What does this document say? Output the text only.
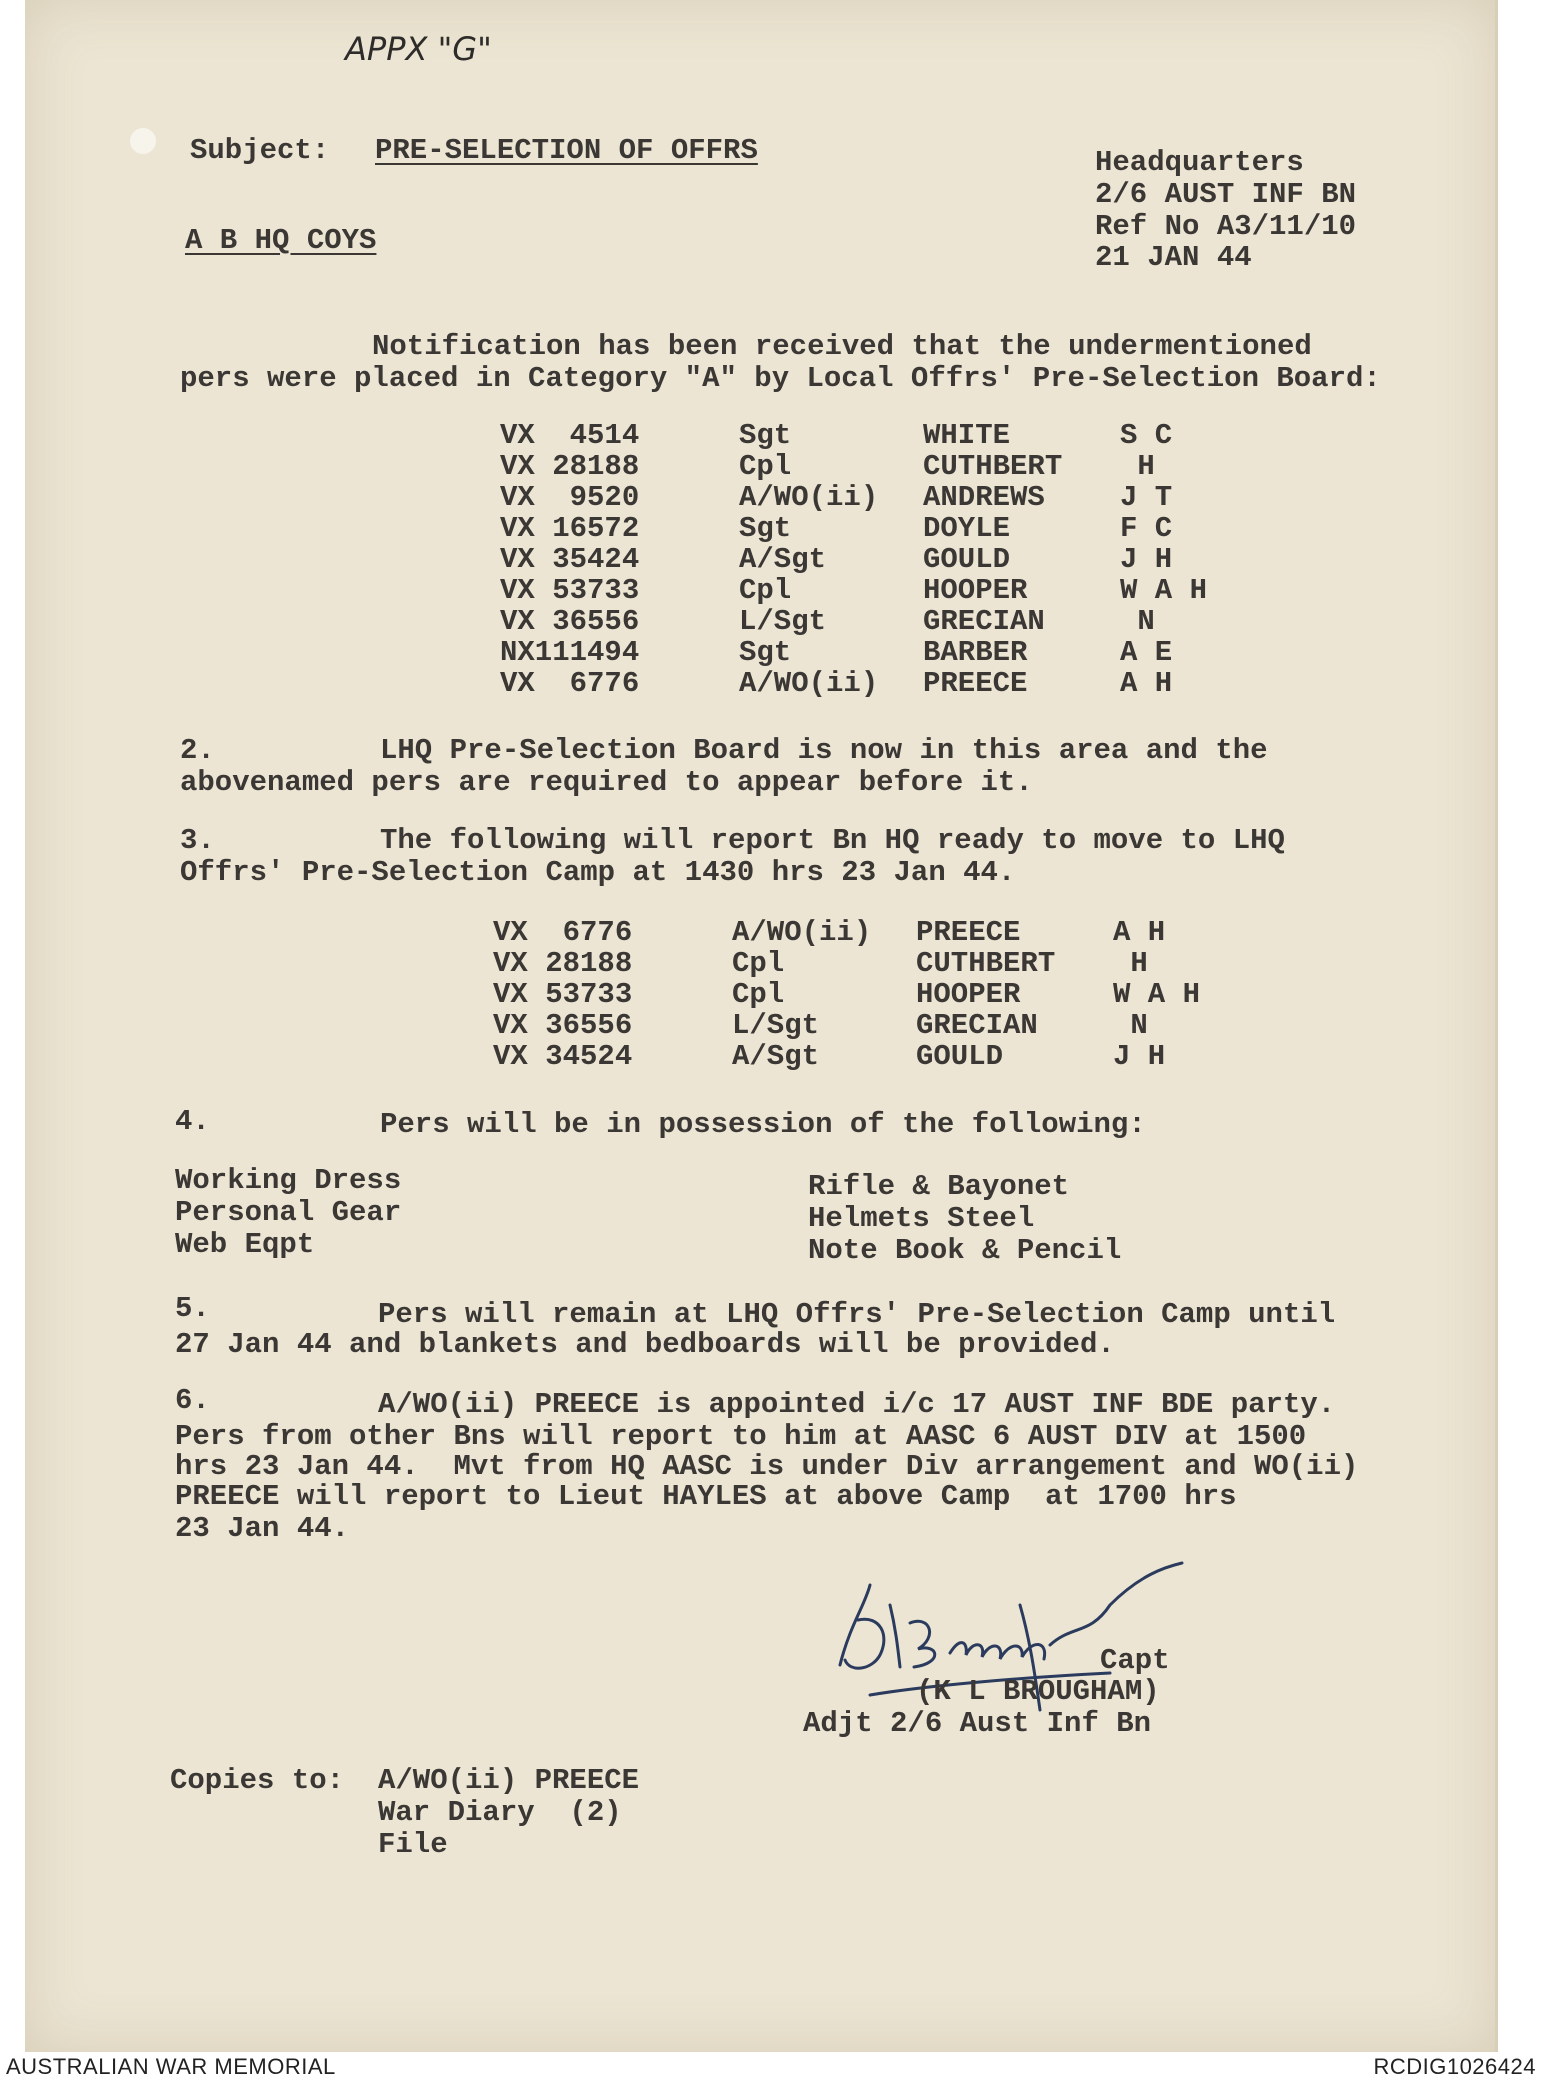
APPX "G"
Subject: PRE-SELECTION OF OFFRS	Headquarters
2/6 AUST INF BN
Ref No A3/11/10
21 JAN 44
A B HQ COYS
Notification has been received that the undermentioned
pers were placed in Category "A" by Local Offrs' Pre-Selection Board:
VX  4514	Sgt	WHITE	S C
VX 28188	Cpl	CUTHBERT H
VX  9520	A/WO(ii) ANDREWS	J T
VX 16572	Sgt	DOYLE	F C
VX 35424	A/Sgt	GOULD	J H
VX 53733	Cpl	HOOPER	W A H
VX 36556	L/Sgt	GRECIAN	N
NX111494	Sgt	BARBER	A E
VX  6776	A/WO(ii) PREECE	A H
2.	LHQ Pre-Selection Board is now in this area and the
abovenamed pers are required to appear before it.
3.	The following will report Bn HQ ready to move to LHQ
Offrs' Pre-Selection Camp at 1430 hrs 23 Jan 44.
VX  6776	A/WO(ii) PREECE	A H
VX 28188	Cpl	CUTHBERT H
VX 53733	Cpl	HOOPER	W A H
VX 36556	L/Sgt	GRECIAN	N
VX 34524	A/Sgt	GOULD	J H
4.	Pers will be in possession of the following:
Working Dress
Personal Gear
Web Eqpt
Rifle & Bayonet
Helmets Steel
Note Book & Pencil
5.	Pers will remain at LHQ Offrs' Pre-Selection Camp until
27 Jan 44 and blankets and bedboards will be provided.
6.	A/WO(ii) PREECE is appointed i/c 17 AUST INF BDE party.
Pers from other Bns will report to him at AASC 6 AUST DIV at 1500
hrs 23 Jan 44.  Mvt from HQ AASC is under Div arrangement and WO(ii)
PREECE will report to Lieut HAYLES at above Camp  at 1700 hrs
23 Jan 44.
Capt
(K L BROUGHAM)
Adjt 2/6 Aust Inf Bn
Copies to: A/WO(ii) PREECE
War Diary  (2)
File
AUSTRALIAN WAR MEMORIAL	RCDIG1026424
